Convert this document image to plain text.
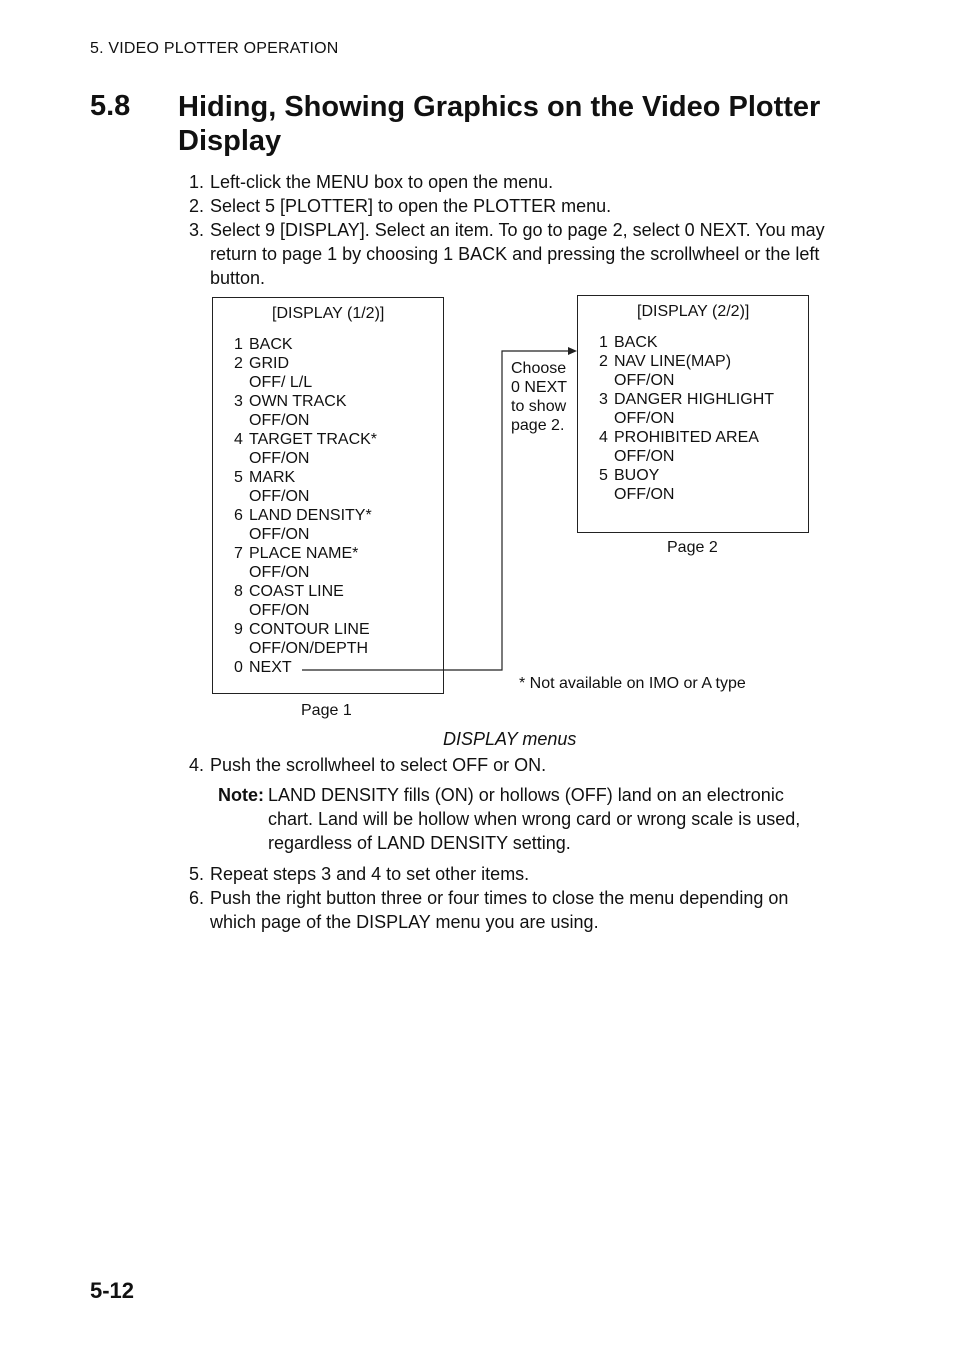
5. VIDEO PLOTTER OPERATION
5.8 Hiding, Showing Graphics on the Video Plotter
Display
1. Left-click the MENU box to open the menu.
2. Select 5 [PLOTTER] to open the PLOTTER menu.
3. Select 9 [DISPLAY]. Select an item. To go to page 2, select 0 NEXT. You may
return to page 1 by choosing 1 BACK and pressing the scrollwheel or the left
button.
[DISPLAY (1/2)]
1 BACK
2 GRID
OFF/ L/L
3 OWN TRACK
OFF/ON
4 TARGET TRACK*
OFF/ON
5 MARK
OFF/ON
6 LAND DENSITY*
OFF/ON
7 PLACE NAME*
OFF/ON
8 COAST LINE
OFF/ON
9 CONTOUR LINE
OFF/ON/DEPTH
0 NEXT
[DISPLAY (2/2)]
1 BACK
2 NAV LINE(MAP)
OFF/ON
3 DANGER HIGHLIGHT
OFF/ON
4 PROHIBITED AREA
OFF/ON
5 BUOY
OFF/ON
Choose
0 NEXT
to show
page 2.
Page 2
* Not available on IMO or A type
Page 1
DISPLAY menus
4. Push the scrollwheel to select OFF or ON.
Note: LAND DENSITY fills (ON) or hollows (OFF) land on an electronic
chart. Land will be hollow when wrong card or wrong scale is used,
regardless of LAND DENSITY setting.
5. Repeat steps 3 and 4 to set other items.
6. Push the right button three or four times to close the menu depending on
which page of the DISPLAY menu you are using.
5-12
